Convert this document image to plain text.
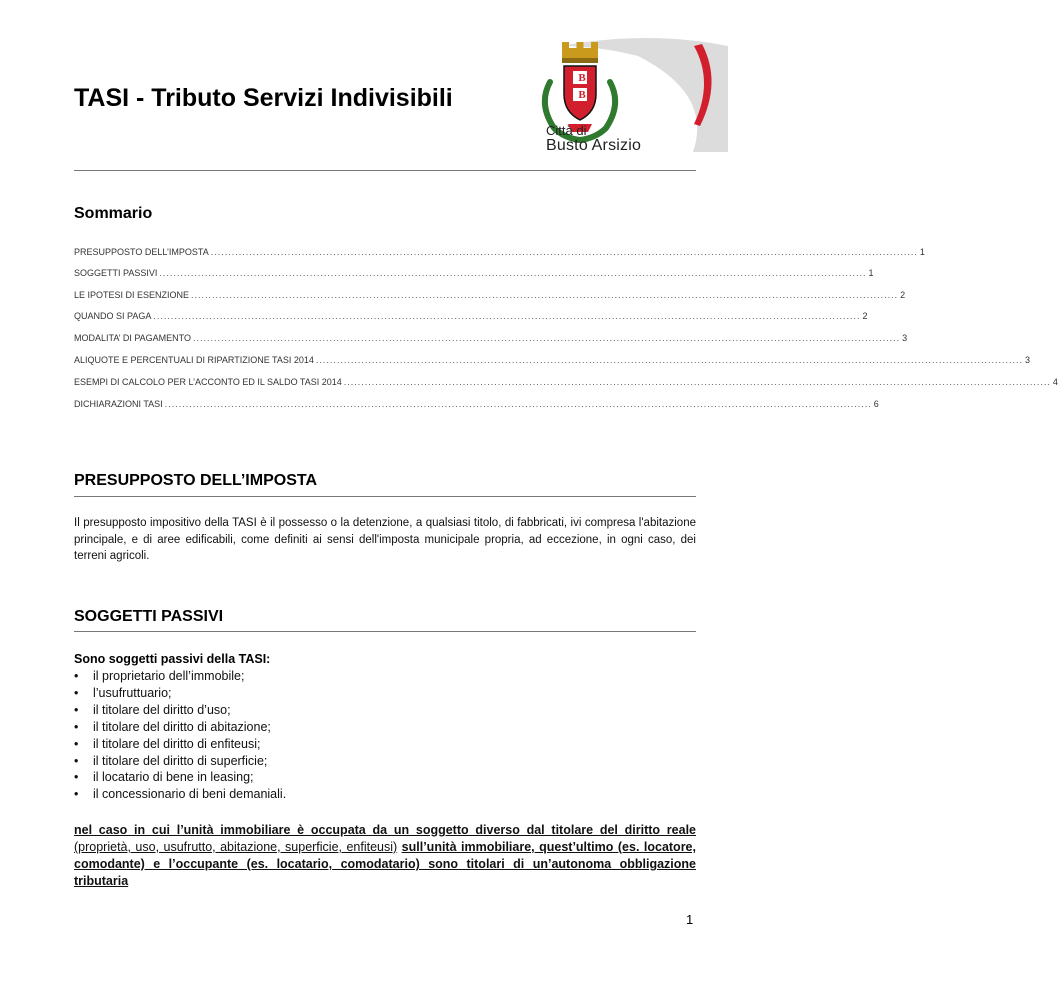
TASI - Tributo Servizi Indivisibili
B
B
Città di
Busto Arsizio
Sommario
PRESUPPOSTO DELL’IMPOSTA .......................................................................................................................................................................................................... 1
SOGGETTI PASSIVI .......................................................................................................................................................................................................... 1
LE IPOTESI DI ESENZIONE .......................................................................................................................................................................................................... 2
QUANDO SI PAGA .......................................................................................................................................................................................................... 2
MODALITA’ DI PAGAMENTO .......................................................................................................................................................................................................... 3
ALIQUOTE E PERCENTUALI DI RIPARTIZIONE TASI 2014 .......................................................................................................................................................................................................... 3
ESEMPI DI CALCOLO PER L’ACCONTO ED IL SALDO TASI 2014 .......................................................................................................................................................................................................... 4
DICHIARAZIONI TASI .......................................................................................................................................................................................................... 6
PRESUPPOSTO DELL’IMPOSTA

Il presupposto impositivo della TASI è il possesso o la detenzione, a qualsiasi titolo, di fabbricati, ivi compresa l'abitazione principale, e di aree edificabili, come definiti ai sensi dell'imposta municipale propria, ad eccezione, in ogni caso, dei terreni agricoli.

SOGGETTI PASSIVI
Sono soggetti passivi della TASI:
•	il proprietario dell’immobile;
•	l’usufruttuario;
•	il titolare del diritto d’uso;
•	il titolare del diritto di abitazione;
•	il titolare del diritto di enfiteusi;
•	il titolare del diritto di superficie;
•	il locatario di bene in leasing;
•	il concessionario di beni demaniali.

nel caso in cui l’unità immobiliare è occupata da un soggetto diverso dal titolare del diritto reale (proprietà, uso, usufrutto, abitazione, superficie, enfiteusi) sull’unità immobiliare, quest’ultimo (es. locatore, comodante) e l’occupante (es. locatario, comodatario) sono titolari di un’autonoma obbligazione tributaria

1
